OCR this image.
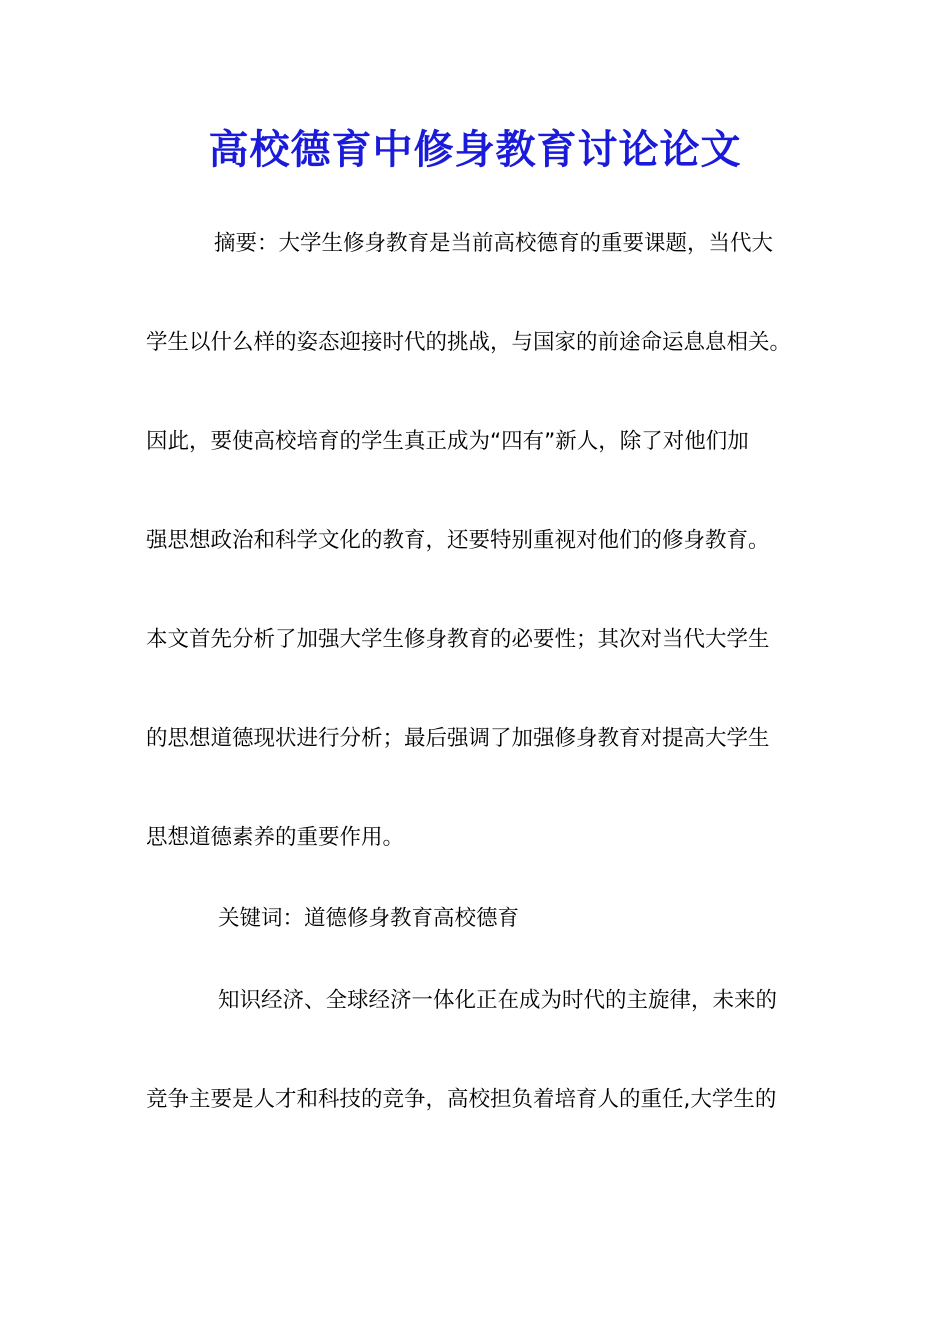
高校德育中修身教育讨论论文
摘要：大学生修身教育是当前高校德育的重要课题，当代大
学生以什么样的姿态迎接时代的挑战，与国家的前途命运息息相关。
因此，要使高校培育的学生真正成为“四有”新人，除了对他们加
强思想政治和科学文化的教育，还要特别重视对他们的修身教育。
本文首先分析了加强大学生修身教育的必要性；其次对当代大学生
的思想道德现状进行分析；最后强调了加强修身教育对提高大学生
思想道德素养的重要作用。
关键词：道德修身教育高校德育
知识经济、全球经济一体化正在成为时代的主旋律，未来的
竞争主要是人才和科技的竞争，高校担负着培育人的重任,大学生的
